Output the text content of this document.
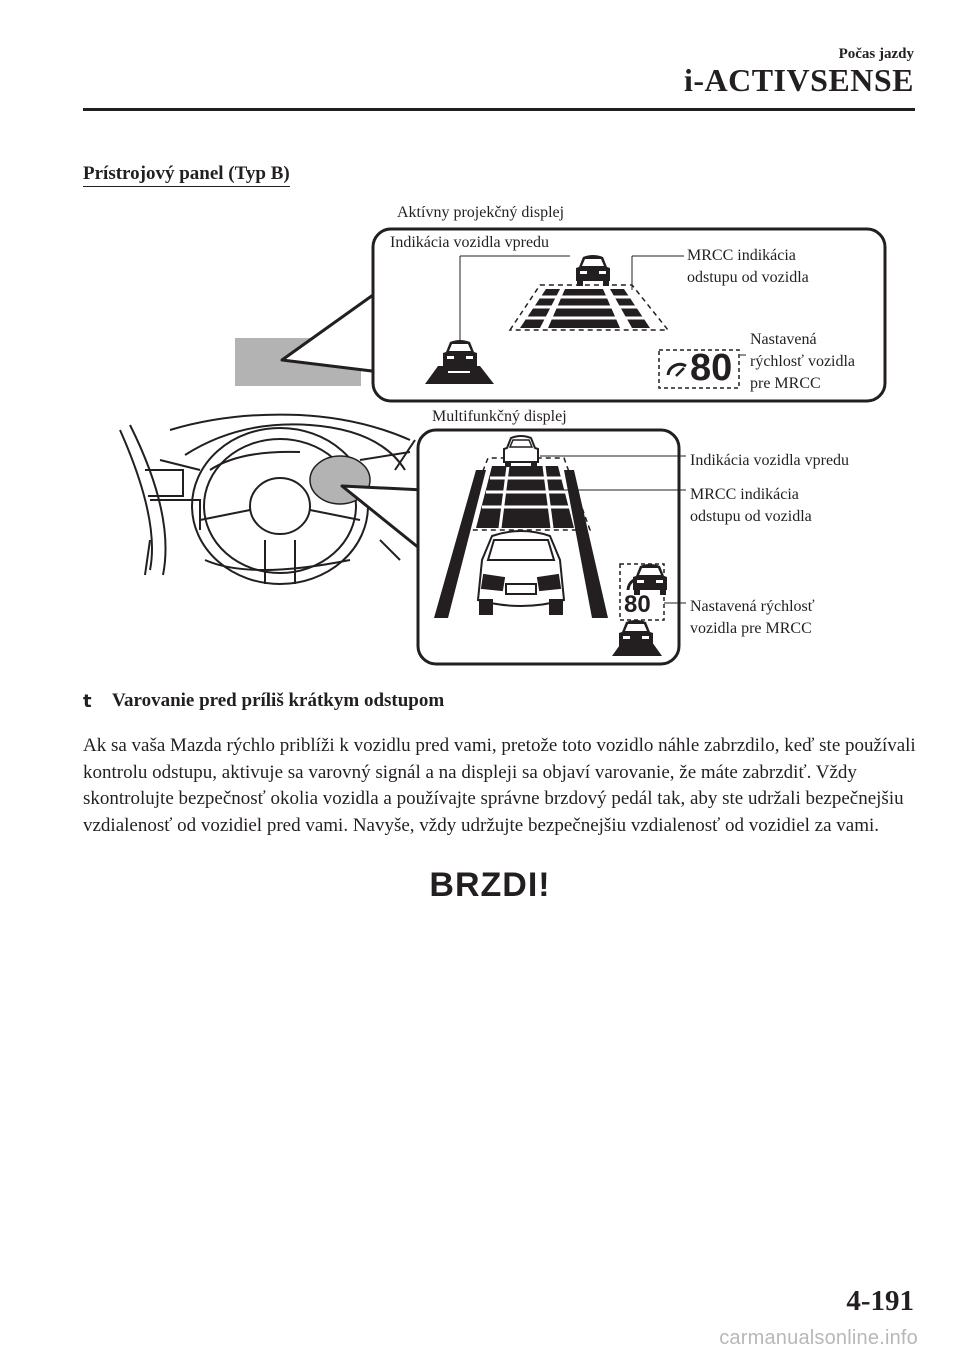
Počas jazdy
i-ACTIVSENSE
Prístrojový panel (Typ B)
Aktívny projekčný displej
Indikácia vozidla vpredu
MRCC indikácia
odstupu od vozidla
Nastavená
rýchlosť vozidla
pre MRCC
80
Multifunkčný displej
Indikácia vozidla vpredu
MRCC indikácia
odstupu od vozidla
Nastavená rýchlosť
vozidla pre MRCC
80
t Varovanie pred príliš krátkym odstupom
Ak sa vaša Mazda rýchlo priblíži k vozidlu pred vami, pretože toto vozidlo náhle zabrzdilo, keď ste používali kontrolu odstupu, aktivuje sa varovný signál a na displeji sa objaví varovanie, že máte zabrzdiť. Vždy skontrolujte bezpečnosť okolia vozidla a používajte správne brzdový pedál tak, aby ste udržali bezpečnejšiu vzdialenosť od vozidiel pred vami. Navyše, vždy udržujte bezpečnejšiu vzdialenosť od vozidiel za vami.
BRZDI!
4-191
carmanualsonline.info
